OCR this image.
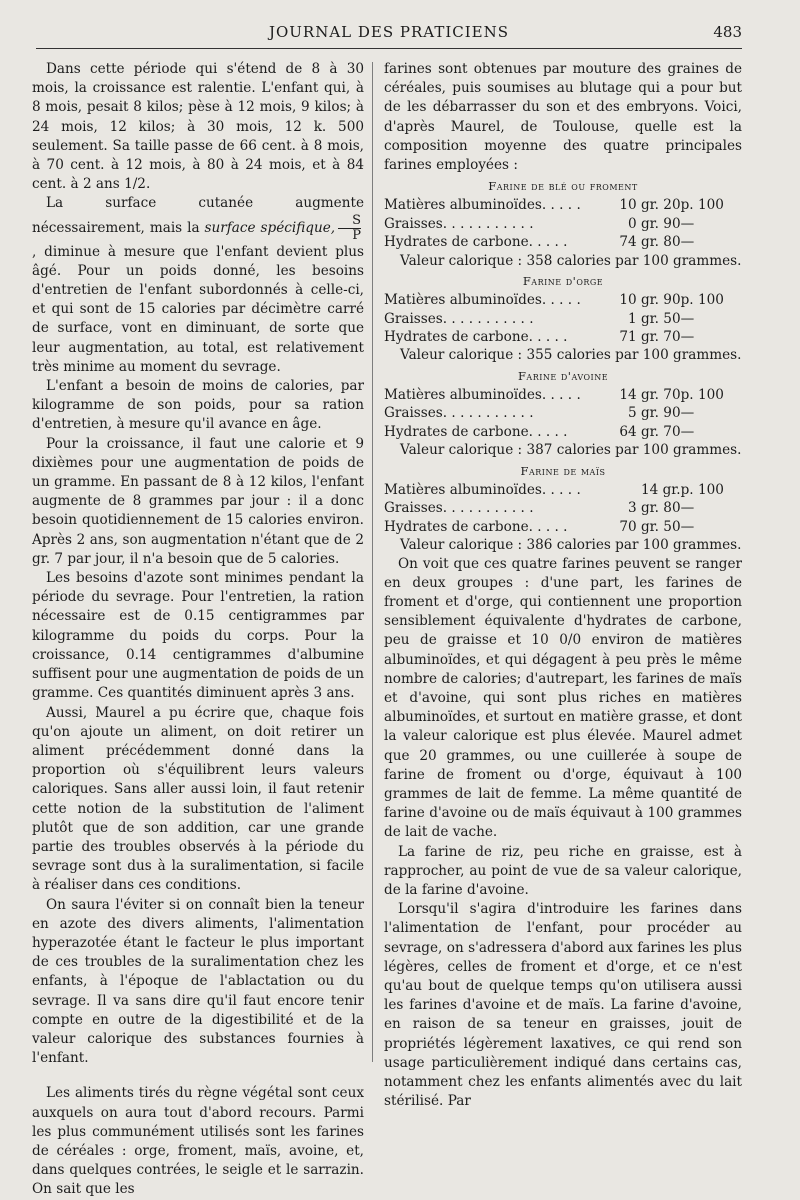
JOURNAL DES PRATICIENS	483

Dans cette période qui s'étend de 8 à 30 mois, la croissance est ralentie. L'enfant qui, à 8 mois, pesait 8 kilos; pèse à 12 mois, 9 kilos; à 24 mois, 12 kilos; à 30 mois, 12 k. 500 seulement. Sa taille passe de 66 cent. à 8 mois, à 70 cent. à 12 mois, à 80 à 24 mois, et à 84 cent. à 2 ans 1/2.

La surface cutanée augmente nécessairement, mais la surface spécifique, $\frac{S}{P}$
, diminue à mesure que l'enfant devient plus âgé. Pour un poids donné, les besoins d'entretien de l'enfant subordonnés à celle-ci, et qui sont de 15 calories par décimètre carré de surface, vont en diminuant, de sorte que leur augmentation, au total, est relativement très minime au moment du sevrage.

L'enfant a besoin de moins de calories, par kilogramme de son poids, pour sa ration d'entretien, à mesure qu'il avance en âge.

Pour la croissance, il faut une calorie et 9 dixièmes pour une augmentation de poids de un gramme. En passant de 8 à 12 kilos, l'enfant augmente de 8 grammes par jour : il a donc besoin quotidiennement de 15 calories environ. Après 2 ans, son augmentation n'étant que de 2 gr. 7 par jour, il n'a besoin que de 5 calories.

Les besoins d'azote sont minimes pendant la période du sevrage. Pour l'entretien, la ration nécessaire est de 0.15 centigrammes par kilogramme du poids du corps. Pour la croissance, 0.14 centigrammes d'albumine suffisent pour une augmentation de poids de un gramme. Ces quantités diminuent après 3 ans.

Aussi, Maurel a pu écrire que, chaque fois qu'on ajoute un aliment, on doit retirer un aliment précédemment donné dans la proportion où s'équilibrent leurs valeurs caloriques. Sans aller aussi loin, il faut retenir cette notion de la substitution de l'aliment plutôt que de son addition, car une grande partie des troubles observés à la période du sevrage sont dus à la suralimentation, si facile à réaliser dans ces conditions.

On saura l'éviter si on connaît bien la teneur en azote des divers aliments, l'alimentation hyperazotée étant le facteur le plus important de ces troubles de la suralimentation chez les enfants, à l'époque de l'ablactation ou du sevrage. Il va sans dire qu'il faut encore tenir compte en outre de la digestibilité et de la valeur calorique des substances fournies à l'enfant.

Les aliments tirés du règne végétal sont ceux auxquels on aura tout d'abord recours. Parmi les plus communément utilisés sont les farines de céréales : orge, froment, maïs, avoine, et, dans quelques contrées, le seigle et le sarrazin. On sait que les

farines sont obtenues par mouture des graines de céréales, puis soumises au blutage qui a pour but de les débarrasser du son et des embryons. Voici, d'après Maurel, de Toulouse, quelle est la composition moyenne des quatre principales farines employées :

Farine de blé ou froment
Matières albuminoïdes. . . . .	10 gr. 20	p. 100
Graisses. . . . . . . . . . .	0 gr. 90	—
Hydrates de carbone. . . . .	74 gr. 80	—
Valeur calorique : 358 calories par 100 grammes.
Farine d'orge
Matières albuminoïdes. . . . .	10 gr. 90	p. 100
Graisses. . . . . . . . . . .	1 gr. 50	—
Hydrates de carbone. . . . .	71 gr. 70	—
Valeur calorique : 355 calories par 100 grammes.
Farine d'avoine
Matières albuminoïdes. . . . .	14 gr. 70	p. 100
Graisses. . . . . . . . . . .	5 gr. 90	—
Hydrates de carbone. . . . .	64 gr. 70	—
Valeur calorique : 387 calories par 100 grammes.
Farine de maïs
Matières albuminoïdes. . . . .	14 gr.	p. 100
Graisses. . . . . . . . . . .	3 gr. 80	—
Hydrates de carbone. . . . .	70 gr. 50	—
Valeur calorique : 386 calories par 100 grammes.

On voit que ces quatre farines peuvent se ranger en deux groupes : d'une part, les farines de froment et d'orge, qui contiennent une proportion sensiblement équivalente d'hydrates de carbone, peu de graisse et 10 0/0 environ de matières albuminoïdes, et qui dégagent à peu près le même nombre de calories; d'autrepart, les farines de maïs et d'avoine, qui sont plus riches en matières albuminoïdes, et surtout en matière grasse, et dont la valeur calorique est plus élevée. Maurel admet que 20 grammes, ou une cuillerée à soupe de farine de froment ou d'orge, équivaut à 100 grammes de lait de femme. La même quantité de farine d'avoine ou de maïs équivaut à 100 grammes de lait de vache.

La farine de riz, peu riche en graisse, est à rapprocher, au point de vue de sa valeur calorique, de la farine d'avoine.

Lorsqu'il s'agira d'introduire les farines dans l'alimentation de l'enfant, pour procéder au sevrage, on s'adressera d'abord aux farines les plus légères, celles de froment et d'orge, et ce n'est qu'au bout de quelque temps qu'on utilisera aussi les farines d'avoine et de maïs. La farine d'avoine, en raison de sa teneur en graisses, jouit de propriétés légèrement laxatives, ce qui rend son usage particulièrement indiqué dans certains cas, notamment chez les enfants alimentés avec du lait stérilisé. Par
